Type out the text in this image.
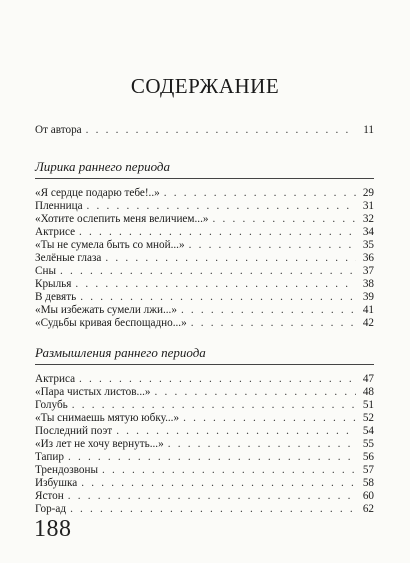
СОДЕРЖАНИЕ
От автора . . .	11
Лирика раннего периода
«Я сердце подарю тебе!..» . . .	29
Пленница . . .	31
«Хотите ослепить меня величием...» . . .	32
Актрисе . . .	34
«Ты не сумела быть со мной...» . . .	35
Зелёные глаза . . .	36
Сны . . .	37
Крылья . . .	38
В девять . . .	39
«Мы избежать сумели лжи...» . . .	41
«Судьбы кривая беспощадно...» . . .	42
Размышления раннего периода
Актриса . . .	47
«Пара чистых листов...» . . .	48
Голубь . . .	51
«Ты снимаешь мятую юбку...» . . .	52
Последний поэт . . .	54
«Из лет не хочу вернуть...» . . .	55
Тапир . . .	56
Трендозвоны . . .	57
Избушка . . .	58
Ястон . . .	60
Гор-ад . . .	62
188
